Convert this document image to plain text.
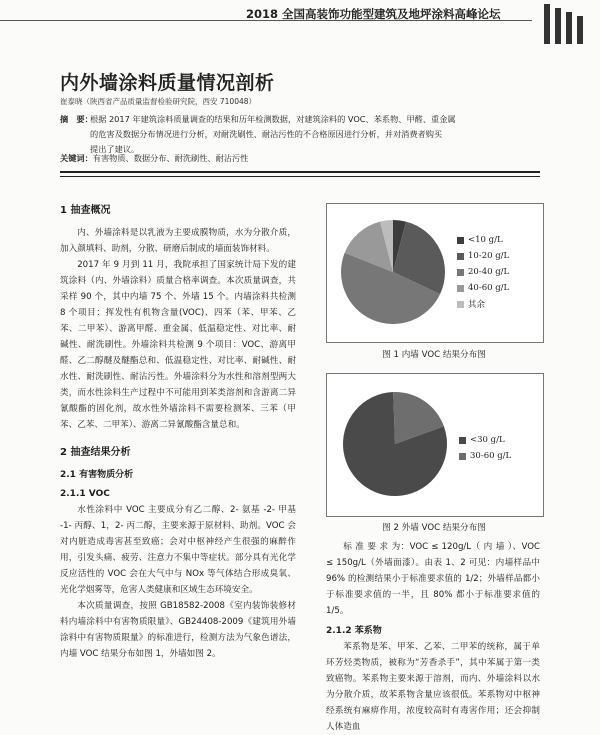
2018 全国高装饰功能型建筑及地坪涂料高峰论坛
内外墙涂料质量情况剖析
崔泰晓（陕西省产品质量监督检验研究院，西安 710048）
摘　要：
根据 2017 年建筑涂料质量调查的结果和历年检测数据，对建筑涂料的 VOC、苯系物、甲醛、重金属
的危害及数据分布情况进行分析，对耐洗刷性、耐沾污性的不合格原因进行分析，并对消费者购买
提出了建议。
关键词：有害物质、数据分布、耐洗刷性、耐沾污性

1 抽查概况

内、外墙涂料是以乳液为主要成膜物质，水为分散介质，加入颜填料、助剂，分散、研磨后制成的墙面装饰材料。

2017 年 9 月到 11 月，我院承担了国家统计局下发的建筑涂料（内、外墙涂料）质量合格率调查。本次质量调查，共采样 90 个，其中内墙 75 个、外墙 15 个。内墙涂料共检测 8 个项目：挥发性有机物含量(VOC)、四苯（苯、甲苯、乙苯、二甲苯）、游离甲醛、重金属、低温稳定性、对比率、耐碱性、耐洗刷性。外墙涂料共检测 9 个项目：VOC、游离甲醛、乙二醇醚及醚酯总和、低温稳定性、对比率、耐碱性、耐水性、耐洗刷性、耐沾污性。外墙涂料分为水性和溶剂型两大类，而水性涂料生产过程中不可能用到苯类溶剂和含游离二异氰酸酯的固化剂，故水性外墙涂料不需要检测苯、三苯（甲苯、乙苯、二甲苯）、游离二异氰酸酯含量总和。

2 抽查结果分析

2.1 有害物质分析

2.1.1 VOC

水性涂料中 VOC 主要成分有乙二醇、2- 氨基 -2- 甲基 -1- 丙醇、1，2- 丙二醇，主要来源于原材料、助剂。VOC 会对内脏造成毒害甚至致癌；会对中枢神经产生很强的麻醉作用，引发头痛、疲劳、注意力不集中等症状。部分具有光化学反应活性的 VOC 会在大气中与 NOx 等气体结合形成臭氧、光化学烟雾等，危害人类健康和区域生态环境安全。

本次质量调查，按照 GB18582-2008《室内装饰装修材料内墙涂料中有害物质限量》、GB24408-2009《建筑用外墙涂料中有害物质限量》的标准进行，检测方法为气象色谱法，内墙 VOC 结果分布如图 1，外墙如图 2。

<10 g/L
10-20 g/L
20-40 g/L
40-60 g/L
其余
图 1 内墙 VOC 结果分布图
<30 g/L
30-60 g/L
图 2 外墙 VOC 结果分布图

标 准 要 求 为：VOC ≤ 120g/L（ 内 墙 ）、VOC ≤ 150g/L（外墙面漆）。由表 1、2 可见：内墙样品中 96% 的检测结果小于标准要求值的 1/2；外墙样品都小于标准要求值的一半，且 80% 都小于标准要求值的 1/5。

2.1.2 苯系物

苯系物是苯、甲苯、乙苯、二甲苯的统称，属于单环芳烃类物质，被称为“芳香杀手”，其中苯属于第一类致癌物。苯系物主要来源于溶剂，而内、外墙涂料以水为分散介质，故苯系物含量应该很低。苯系物对中枢神经系统有麻痹作用，浓度较高时有毒害作用；还会抑制人体造血
